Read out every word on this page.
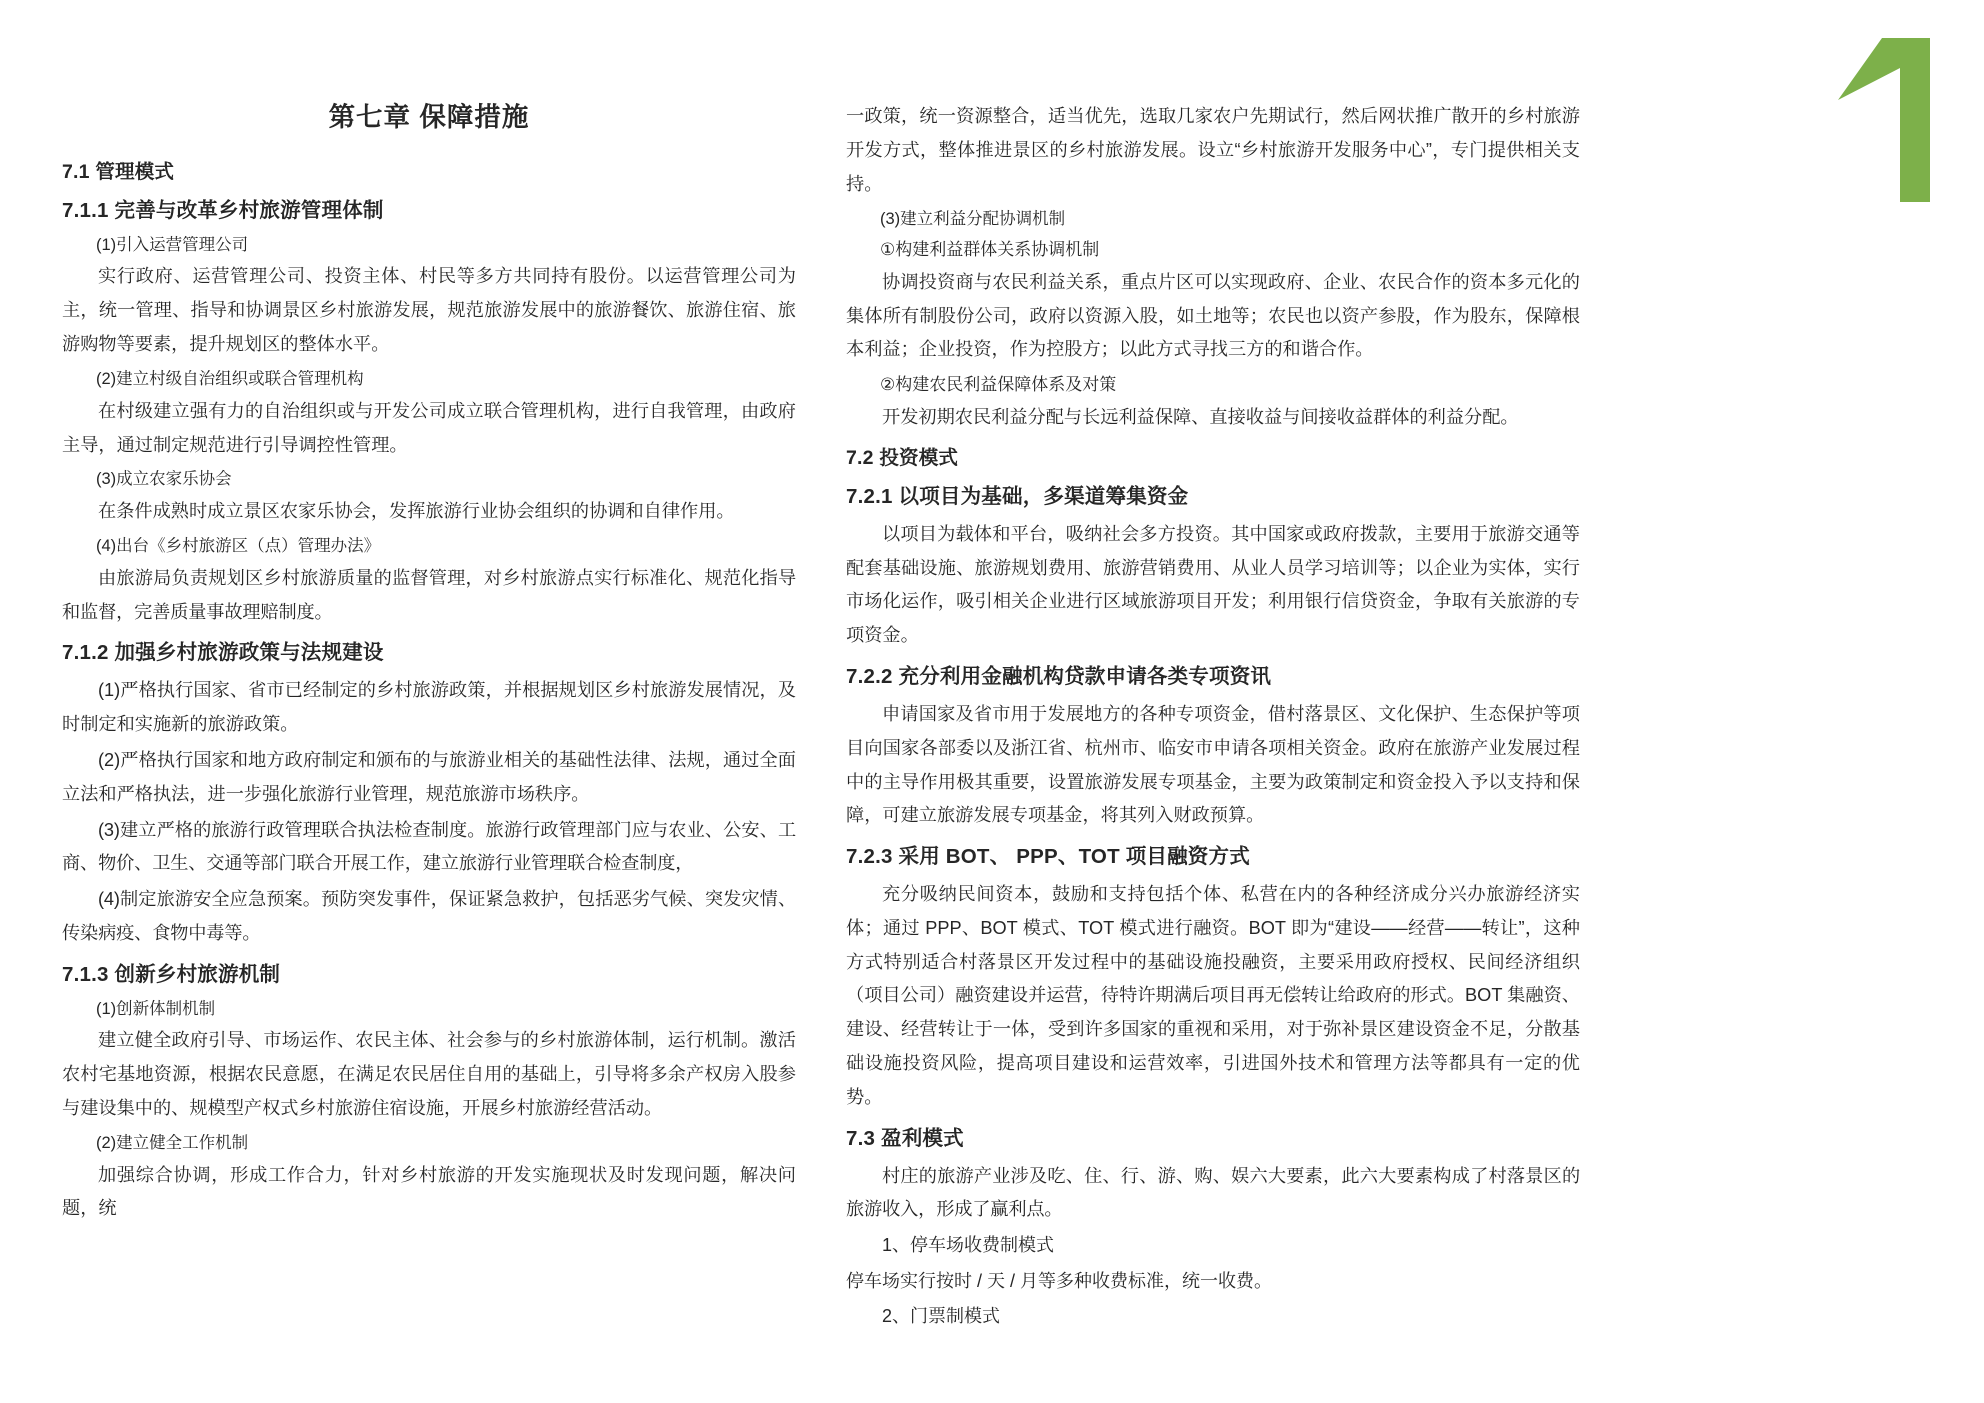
第七章 保障措施
7.1 管理模式
7.1.1 完善与改革乡村旅游管理体制

(1)引入运营管理公司

实行政府、运营管理公司、投资主体、村民等多方共同持有股份。以运营管理公司为主，统一管理、指导和协调景区乡村旅游发展，规范旅游发展中的旅游餐饮、旅游住宿、旅游购物等要素，提升规划区的整体水平。

(2)建立村级自治组织或联合管理机构

在村级建立强有力的自治组织或与开发公司成立联合管理机构，进行自我管理，由政府主导，通过制定规范进行引导调控性管理。

(3)成立农家乐协会

在条件成熟时成立景区农家乐协会，发挥旅游行业协会组织的协调和自律作用。

(4)出台《乡村旅游区（点）管理办法》

由旅游局负责规划区乡村旅游质量的监督管理，对乡村旅游点实行标准化、规范化指导和监督，完善质量事故理赔制度。

7.1.2 加强乡村旅游政策与法规建设

(1)严格执行国家、省市已经制定的乡村旅游政策，并根据规划区乡村旅游发展情况，及时制定和实施新的旅游政策。

(2)严格执行国家和地方政府制定和颁布的与旅游业相关的基础性法律、法规，通过全面立法和严格执法，进一步强化旅游行业管理，规范旅游市场秩序。

(3)建立严格的旅游行政管理联合执法检查制度。旅游行政管理部门应与农业、公安、工商、物价、卫生、交通等部门联合开展工作，建立旅游行业管理联合检查制度，

(4)制定旅游安全应急预案。预防突发事件，保证紧急救护，包括恶劣气候、突发灾情、传染病疫、食物中毒等。

7.1.3 创新乡村旅游机制

(1)创新体制机制

建立健全政府引导、市场运作、农民主体、社会参与的乡村旅游体制，运行机制。激活农村宅基地资源，根据农民意愿，在满足农民居住自用的基础上，引导将多余产权房入股参与建设集中的、规模型产权式乡村旅游住宿设施，开展乡村旅游经营活动。

(2)建立健全工作机制

加强综合协调，形成工作合力，针对乡村旅游的开发实施现状及时发现问题，解决问题，统

一政策，统一资源整合，适当优先，选取几家农户先期试行，然后网状推广散开的乡村旅游开发方式，整体推进景区的乡村旅游发展。设立“乡村旅游开发服务中心”，专门提供相关支持。

(3)建立利益分配协调机制

①构建利益群体关系协调机制

协调投资商与农民利益关系，重点片区可以实现政府、企业、农民合作的资本多元化的集体所有制股份公司，政府以资源入股，如土地等；农民也以资产参股，作为股东，保障根本利益；企业投资，作为控股方；以此方式寻找三方的和谐合作。

②构建农民利益保障体系及对策

开发初期农民利益分配与长远利益保障、直接收益与间接收益群体的利益分配。

7.2 投资模式
7.2.1 以项目为基础，多渠道筹集资金

以项目为载体和平台，吸纳社会多方投资。其中国家或政府拨款，主要用于旅游交通等配套基础设施、旅游规划费用、旅游营销费用、从业人员学习培训等；以企业为实体，实行市场化运作，吸引相关企业进行区域旅游项目开发；利用银行信贷资金，争取有关旅游的专项资金。

7.2.2 充分利用金融机构贷款申请各类专项资讯

申请国家及省市用于发展地方的各种专项资金，借村落景区、文化保护、生态保护等项目向国家各部委以及浙江省、杭州市、临安市申请各项相关资金。政府在旅游产业发展过程中的主导作用极其重要，设置旅游发展专项基金，主要为政策制定和资金投入予以支持和保障，可建立旅游发展专项基金，将其列入财政预算。

7.2.3 采用 BOT、 PPP、TOT 项目融资方式

充分吸纳民间资本，鼓励和支持包括个体、私营在内的各种经济成分兴办旅游经济实体；通过 PPP、BOT 模式、TOT 模式进行融资。BOT 即为“建设——经营——转让”，这种方式特别适合村落景区开发过程中的基础设施投融资，主要采用政府授权、民间经济组织（项目公司）融资建设并运营，待特许期满后项目再无偿转让给政府的形式。BOT 集融资、建设、经营转让于一体，受到许多国家的重视和采用，对于弥补景区建设资金不足，分散基础设施投资风险，提高项目建设和运营效率，引进国外技术和管理方法等都具有一定的优势。

7.3 盈利模式

村庄的旅游产业涉及吃、住、行、游、购、娱六大要素，此六大要素构成了村落景区的旅游收入，形成了赢利点。

1、停车场收费制模式

停车场实行按时 / 天 / 月等多种收费标准，统一收费。

2、门票制模式
